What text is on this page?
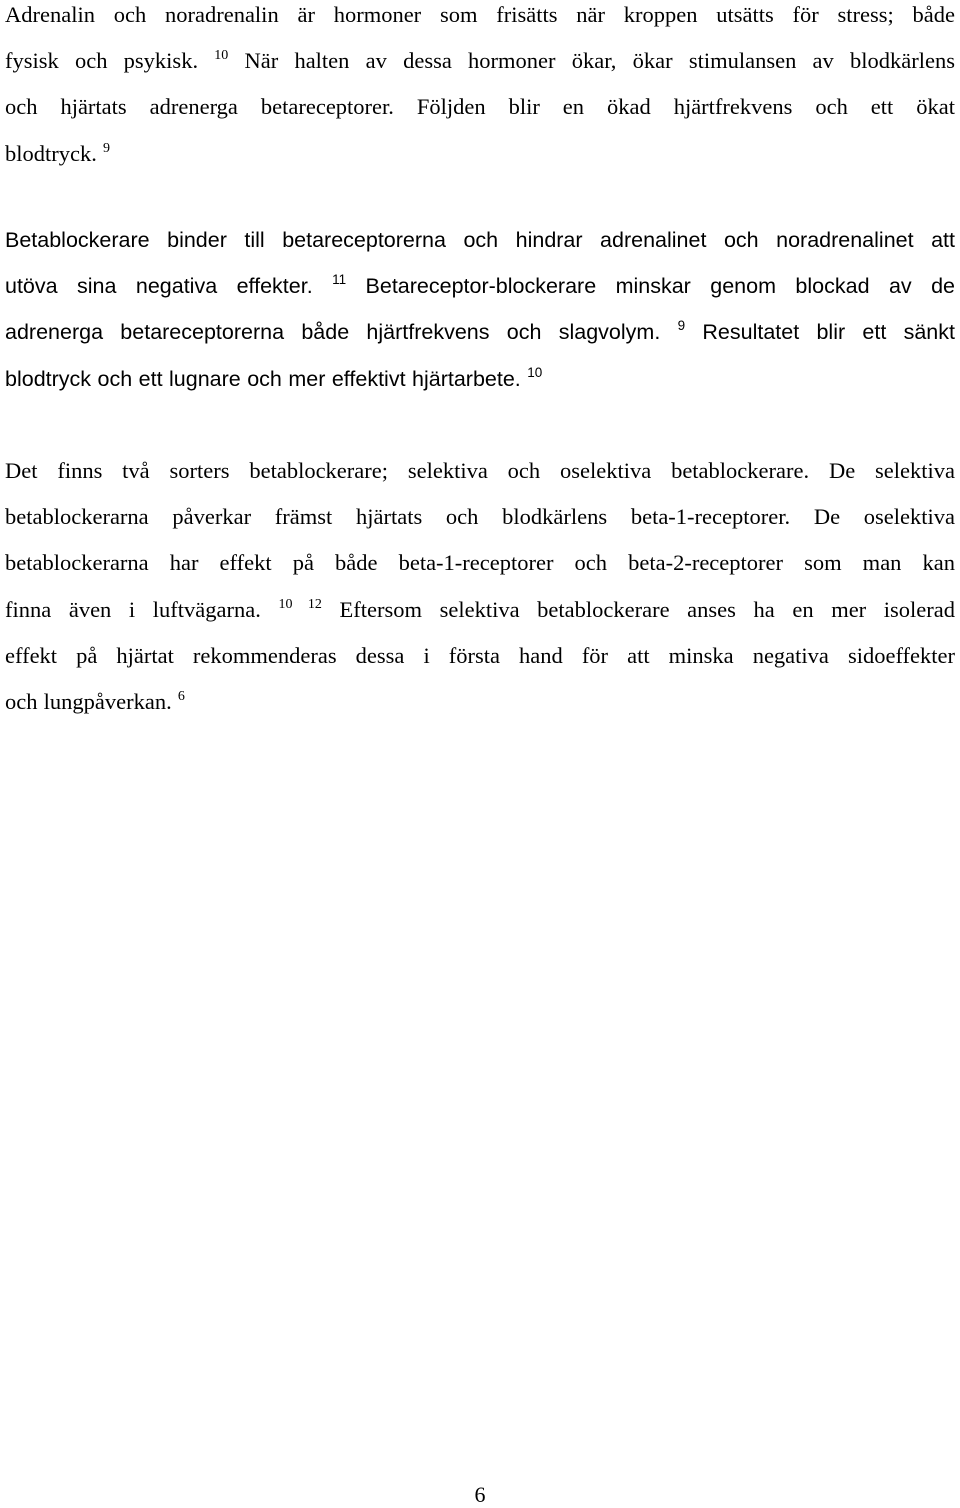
Adrenalin och noradrenalin är hormoner som frisätts när kroppen utsätts för stress; både
fysisk och psykisk. $^{10}$ När halten av dessa hormoner ökar, ökar stimulansen av blodkärlens
och hjärtats adrenerga betareceptorer. Följden blir en ökad hjärtfrekvens och ett ökat
blodtryck. $^9$

Betablockerare binder till betareceptorerna och hindrar adrenalinet och noradrenalinet att
utöva sina negativa effekter. $^{11}$ Betareceptor-blockerare minskar genom blockad av de
adrenerga betareceptorerna både hjärtfrekvens och slagvolym. $^9$ Resultatet blir ett sänkt
blodtryck och ett lugnare och mer effektivt hjärtarbete. $^{10}$

Det finns två sorters betablockerare; selektiva och oselektiva betablockerare. De selektiva
betablockerarna påverkar främst hjärtats och blodkärlens beta-1-receptorer. De oselektiva
betablockerarna har effekt på både beta-1-receptorer och beta-2-receptorer som man kan
finna även i luftvägarna. $^{10 12}$ Eftersom selektiva betablockerare anses ha en mer isolerad
effekt på hjärtat rekommenderas dessa i första hand för att minska negativa sidoeffekter
och lungpåverkan. $^6$

6
